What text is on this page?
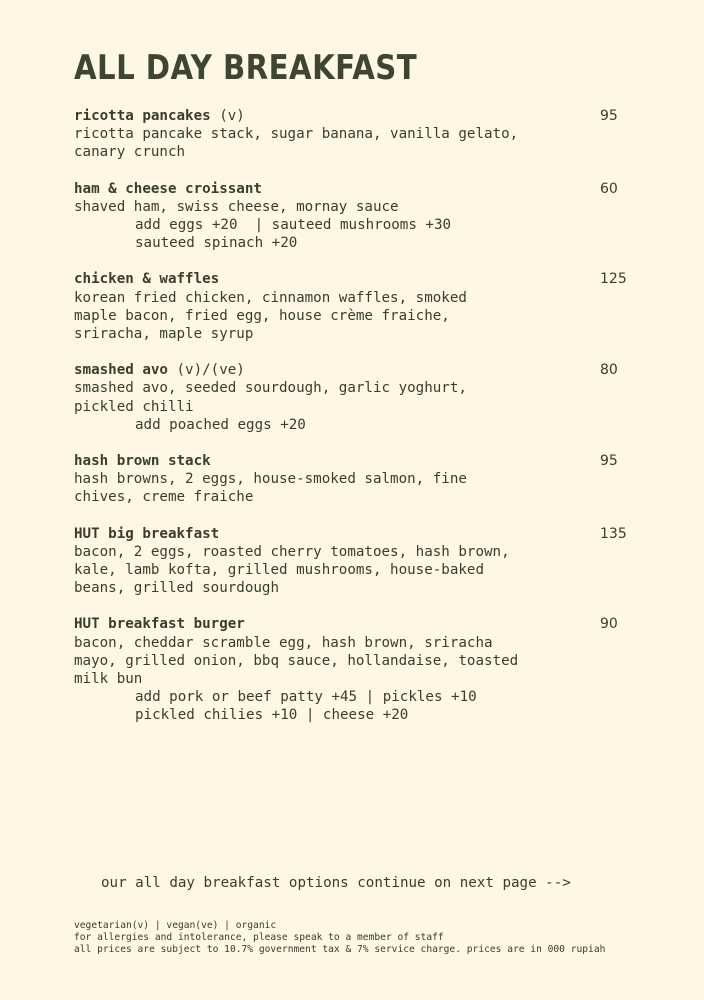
ALL DAY BREAKFAST
ricotta pancakes (v)	95
ricotta pancake stack, sugar banana, vanilla gelato,
canary crunch
ham & cheese croissant	60
shaved ham, swiss cheese, mornay sauce
add eggs +20  | sauteed mushrooms +30
sauteed spinach +20
chicken & waffles	125
korean fried chicken, cinnamon waffles, smoked
maple bacon, fried egg, house crème fraiche,
sriracha, maple syrup
smashed avo (v)/(ve)	80
smashed avo, seeded sourdough, garlic yoghurt,
pickled chilli
add poached eggs +20
hash brown stack	95
hash browns, 2 eggs, house-smoked salmon, fine
chives, creme fraiche
HUT big breakfast	135
bacon, 2 eggs, roasted cherry tomatoes, hash brown,
kale, lamb kofta, grilled mushrooms, house-baked
beans, grilled sourdough
HUT breakfast burger	90
bacon, cheddar scramble egg, hash brown, sriracha
mayo, grilled onion, bbq sauce, hollandaise, toasted
milk bun
add pork or beef patty +45 | pickles +10
pickled chilies +10 | cheese +20
our all day breakfast options continue on next page -->
vegetarian(v) | vegan(ve) | organic
for allergies and intolerance, please speak to a member of staff
all prices are subject to 10.7% government tax & 7% service charge. prices are in 000 rupiah
